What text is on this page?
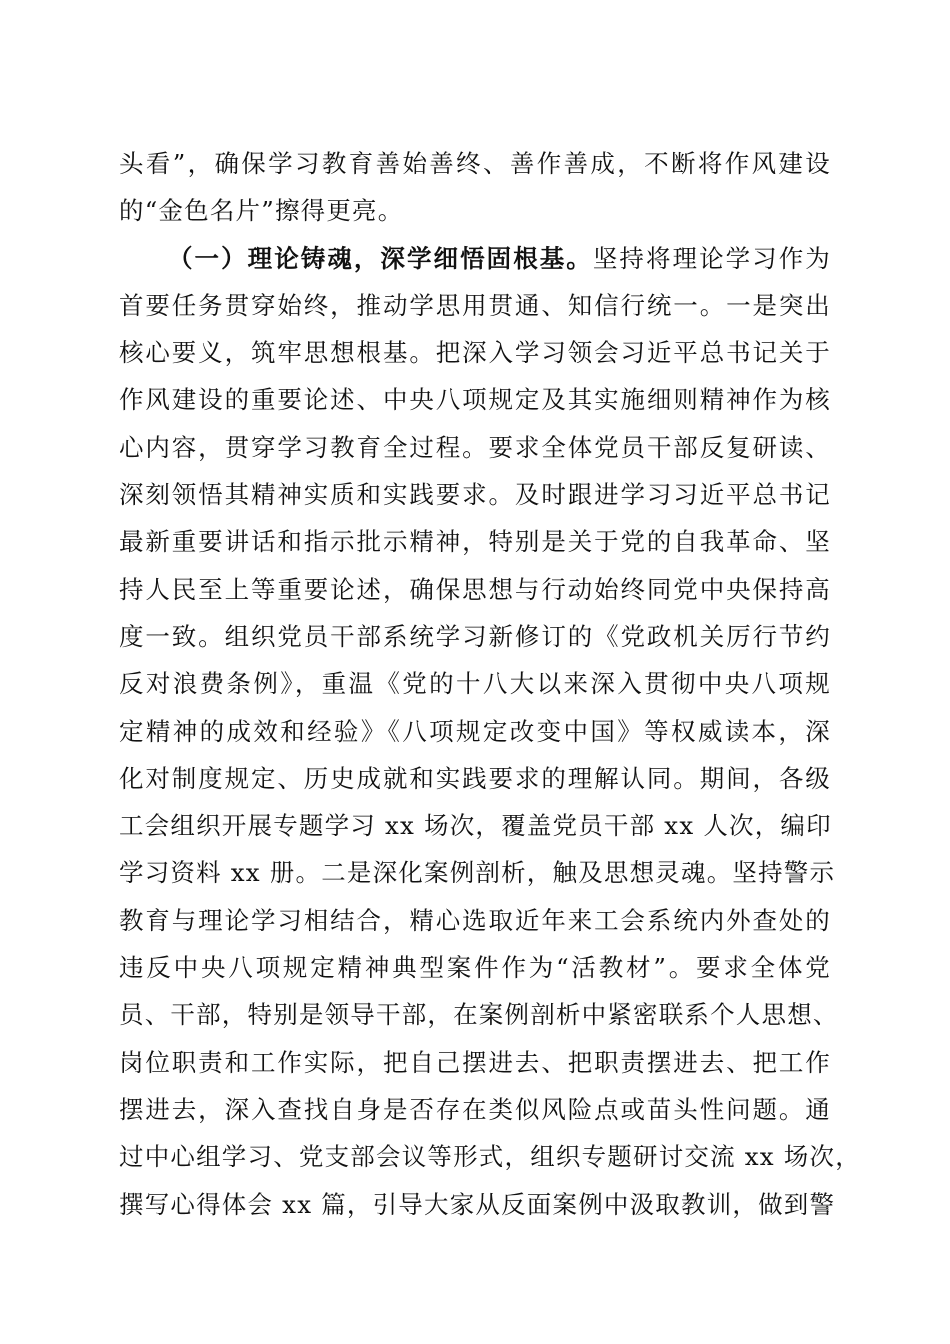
头看”，确保学习教育善始善终、善作善成，不断将作风建设
的“金色名片”擦得更亮。
（一）理论铸魂，深学细悟固根基。坚持将理论学习作为
首要任务贯穿始终，推动学思用贯通、知信行统一。一是突出
核心要义，筑牢思想根基。把深入学习领会习近平总书记关于
作风建设的重要论述、中央八项规定及其实施细则精神作为核
心内容，贯穿学习教育全过程。要求全体党员干部反复研读、
深刻领悟其精神实质和实践要求。及时跟进学习习近平总书记
最新重要讲话和指示批示精神，特别是关于党的自我革命、坚
持人民至上等重要论述，确保思想与行动始终同党中央保持高
度一致。组织党员干部系统学习新修订的《党政机关厉行节约
反对浪费条例》，重温《党的十八大以来深入贯彻中央八项规
定精神的成效和经验》《八项规定改变中国》等权威读本，深
化对制度规定、历史成就和实践要求的理解认同。期间，各级
工会组织开展专题学习 xx 场次，覆盖党员干部 xx 人次，编印
学习资料 xx 册。二是深化案例剖析，触及思想灵魂。坚持警示
教育与理论学习相结合，精心选取近年来工会系统内外查处的
违反中央八项规定精神典型案件作为“活教材”。要求全体党
员、干部，特别是领导干部，在案例剖析中紧密联系个人思想、
岗位职责和工作实际，把自己摆进去、把职责摆进去、把工作
摆进去，深入查找自身是否存在类似风险点或苗头性问题。通
过中心组学习、党支部会议等形式，组织专题研讨交流 xx 场次，
撰写心得体会 xx 篇，引导大家从反面案例中汲取教训，做到警
